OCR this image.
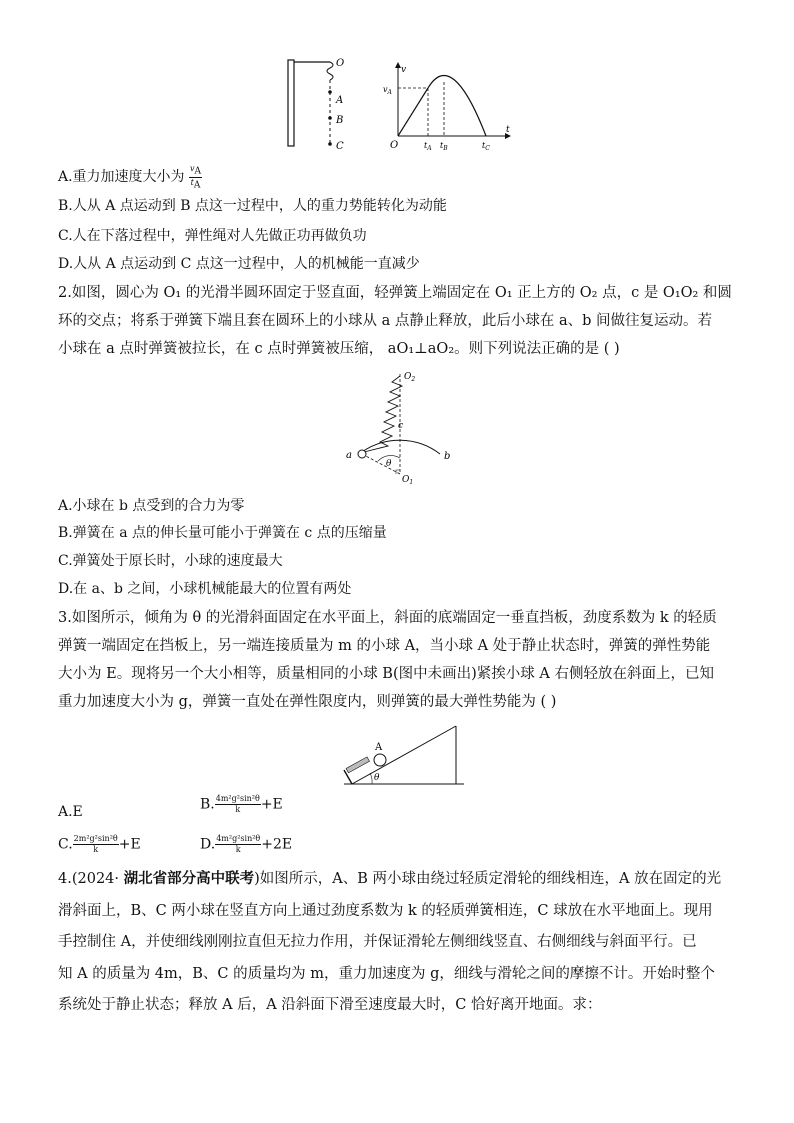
O
A
B
C
v
$v_A$
O
t
$t_A$ $t_B$	$t_C$
A.重力加速度大小为 $\frac{v_A}{t_A}$
B.人从 A 点运动到 B 点这一过程中，人的重力势能转化为动能
C.人在下落过程中，弹性绳对人先做正功再做负功
D.人从 A 点运动到 C 点这一过程中，人的机械能一直减少
2.如图，圆心为 O₁ 的光滑半圆环固定于竖直面，轻弹簧上端固定在 O₁ 正上方的 O₂ 点，c 是 O₁O₂ 和圆
环的交点；将系于弹簧下端且套在圆环上的小球从 a 点静止释放，此后小球在 a、b 间做往复运动。若
小球在 a 点时弹簧被拉长，在 c 点时弹簧被压缩， aO₁⊥aO₂。则下列说法正确的是 ( )
$O_2$
c
a
θ
b
$O_1$
A.小球在 b 点受到的合力为零
B.弹簧在 a 点的伸长量可能小于弹簧在 c 点的压缩量
C.弹簧处于原长时，小球的速度最大
D.在 a、b 之间，小球机械能最大的位置有两处
3.如图所示，倾角为 θ 的光滑斜面固定在水平面上，斜面的底端固定一垂直挡板，劲度系数为 k 的轻质
弹簧一端固定在挡板上，另一端连接质量为 m 的小球 A，当小球 A 处于静止状态时，弹簧的弹性势能
大小为 E。现将另一个大小相等，质量相同的小球 B(图中未画出)紧挨小球 A 右侧轻放在斜面上，已知
重力加速度大小为 g，弹簧一直处在弹性限度内，则弹簧的最大弹性势能为 ( )
A
θ
A.E	B. $\frac{\text{4m²g²sin²θ}}{k} +E$
C. $\frac{\text{2m²g²sin²θ}}{k} +E$	D. $\frac{\text{4m²g²sin²θ}}{k} +2E$
4.(2024· 湖北省部分高中联考)如图所示，A、B 两小球由绕过轻质定滑轮的细线相连，A 放在固定的光
滑斜面上，B、C 两小球在竖直方向上通过劲度系数为 k 的轻质弹簧相连，C 球放在水平地面上。现用
手控制住 A，并使细线刚刚拉直但无拉力作用，并保证滑轮左侧细线竖直、右侧细线与斜面平行。已
知 A 的质量为 4m，B、C 的质量均为 m，重力加速度为 g，细线与滑轮之间的摩擦不计。开始时整个
系统处于静止状态；释放 A 后，A 沿斜面下滑至速度最大时，C 恰好离开地面。求：
